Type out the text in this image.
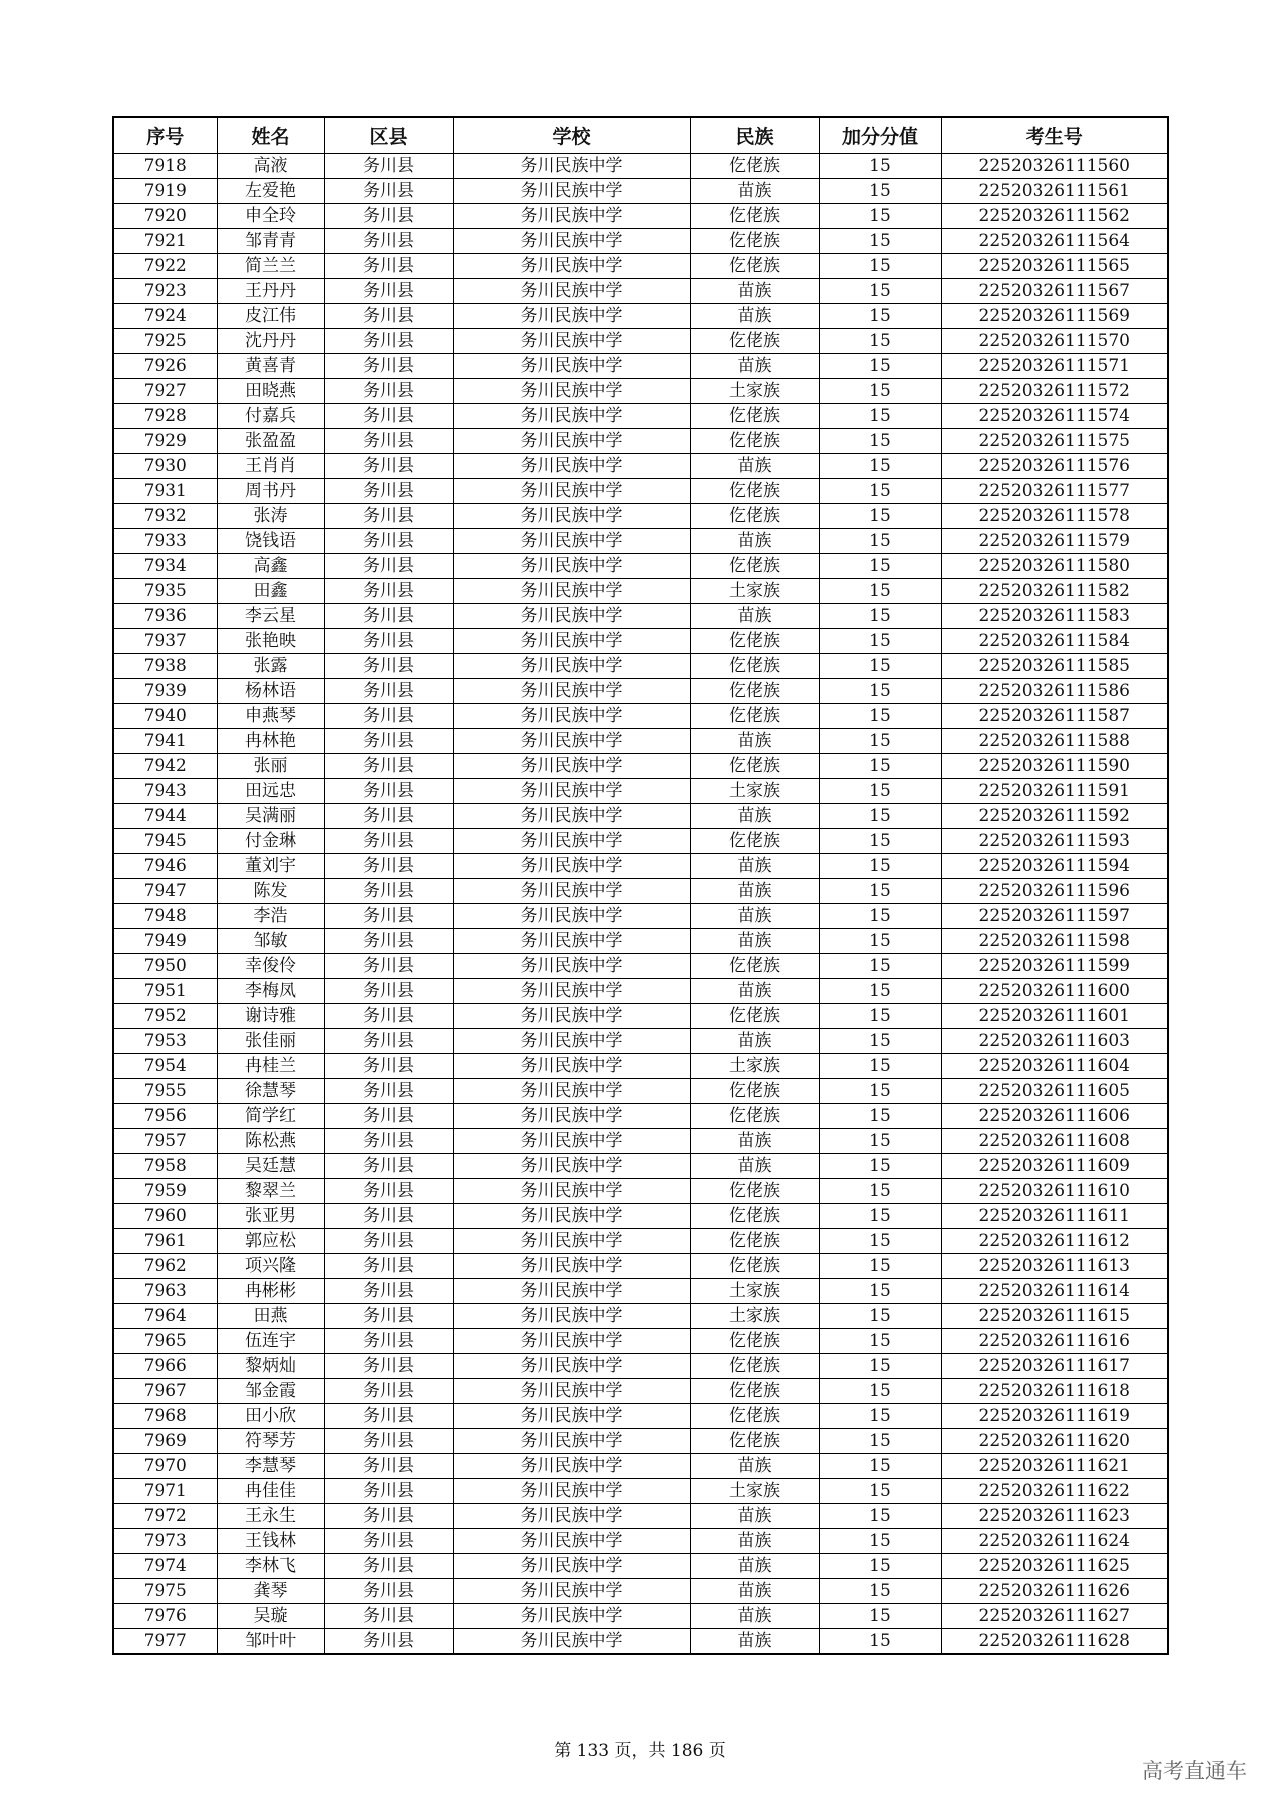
序号	姓名	区县	学校	民族	加分分值	考生号
7918	高液	务川县	务川民族中学	仡佬族	15	22520326111560
7919	左爱艳	务川县	务川民族中学	苗族	15	22520326111561
7920	申全玲	务川县	务川民族中学	仡佬族	15	22520326111562
7921	邹青青	务川县	务川民族中学	仡佬族	15	22520326111564
7922	简兰兰	务川县	务川民族中学	仡佬族	15	22520326111565
7923	王丹丹	务川县	务川民族中学	苗族	15	22520326111567
7924	皮江伟	务川县	务川民族中学	苗族	15	22520326111569
7925	沈丹丹	务川县	务川民族中学	仡佬族	15	22520326111570
7926	黄喜青	务川县	务川民族中学	苗族	15	22520326111571
7927	田晓燕	务川县	务川民族中学	土家族	15	22520326111572
7928	付嘉兵	务川县	务川民族中学	仡佬族	15	22520326111574
7929	张盈盈	务川县	务川民族中学	仡佬族	15	22520326111575
7930	王肖肖	务川县	务川民族中学	苗族	15	22520326111576
7931	周书丹	务川县	务川民族中学	仡佬族	15	22520326111577
7932	张涛	务川县	务川民族中学	仡佬族	15	22520326111578
7933	饶钱语	务川县	务川民族中学	苗族	15	22520326111579
7934	高鑫	务川县	务川民族中学	仡佬族	15	22520326111580
7935	田鑫	务川县	务川民族中学	土家族	15	22520326111582
7936	李云星	务川县	务川民族中学	苗族	15	22520326111583
7937	张艳映	务川县	务川民族中学	仡佬族	15	22520326111584
7938	张露	务川县	务川民族中学	仡佬族	15	22520326111585
7939	杨林语	务川县	务川民族中学	仡佬族	15	22520326111586
7940	申燕琴	务川县	务川民族中学	仡佬族	15	22520326111587
7941	冉林艳	务川县	务川民族中学	苗族	15	22520326111588
7942	张丽	务川县	务川民族中学	仡佬族	15	22520326111590
7943	田远忠	务川县	务川民族中学	土家族	15	22520326111591
7944	吴满丽	务川县	务川民族中学	苗族	15	22520326111592
7945	付金琳	务川县	务川民族中学	仡佬族	15	22520326111593
7946	董刘宇	务川县	务川民族中学	苗族	15	22520326111594
7947	陈发	务川县	务川民族中学	苗族	15	22520326111596
7948	李浩	务川县	务川民族中学	苗族	15	22520326111597
7949	邹敏	务川县	务川民族中学	苗族	15	22520326111598
7950	幸俊伶	务川县	务川民族中学	仡佬族	15	22520326111599
7951	李梅凤	务川县	务川民族中学	苗族	15	22520326111600
7952	谢诗雅	务川县	务川民族中学	仡佬族	15	22520326111601
7953	张佳丽	务川县	务川民族中学	苗族	15	22520326111603
7954	冉桂兰	务川县	务川民族中学	土家族	15	22520326111604
7955	徐慧琴	务川县	务川民族中学	仡佬族	15	22520326111605
7956	简学红	务川县	务川民族中学	仡佬族	15	22520326111606
7957	陈松燕	务川县	务川民族中学	苗族	15	22520326111608
7958	吴廷慧	务川县	务川民族中学	苗族	15	22520326111609
7959	黎翠兰	务川县	务川民族中学	仡佬族	15	22520326111610
7960	张亚男	务川县	务川民族中学	仡佬族	15	22520326111611
7961	郭应松	务川县	务川民族中学	仡佬族	15	22520326111612
7962	项兴隆	务川县	务川民族中学	仡佬族	15	22520326111613
7963	冉彬彬	务川县	务川民族中学	土家族	15	22520326111614
7964	田燕	务川县	务川民族中学	土家族	15	22520326111615
7965	伍连宇	务川县	务川民族中学	仡佬族	15	22520326111616
7966	黎炳灿	务川县	务川民族中学	仡佬族	15	22520326111617
7967	邹金霞	务川县	务川民族中学	仡佬族	15	22520326111618
7968	田小欣	务川县	务川民族中学	仡佬族	15	22520326111619
7969	符琴芳	务川县	务川民族中学	仡佬族	15	22520326111620
7970	李慧琴	务川县	务川民族中学	苗族	15	22520326111621
7971	冉佳佳	务川县	务川民族中学	土家族	15	22520326111622
7972	王永生	务川县	务川民族中学	苗族	15	22520326111623
7973	王钱林	务川县	务川民族中学	苗族	15	22520326111624
7974	李林飞	务川县	务川民族中学	苗族	15	22520326111625
7975	龚琴	务川县	务川民族中学	苗族	15	22520326111626
7976	吴璇	务川县	务川民族中学	苗族	15	22520326111627
7977	邹叶叶	务川县	务川民族中学	苗族	15	22520326111628
第 133 页，共 186 页
高考直通车
